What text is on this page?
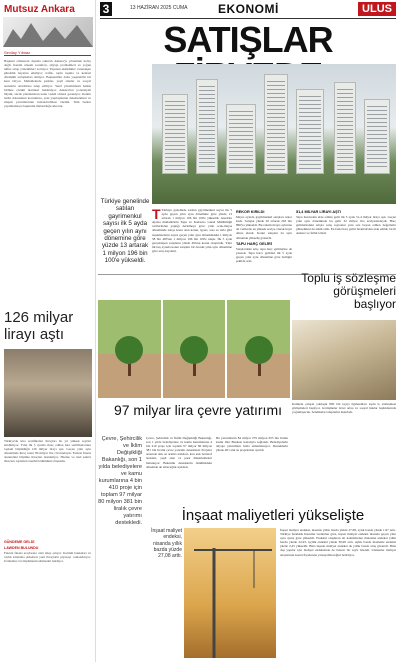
Mutsuz Ankara
Sevilay Yılmaz
Başkent olmasının dışında sıkıntılı Ankara'yı yönetmek kolay değil. Kentin ulaşım sorunları, altyapı problemleri ve yoğun nüfus artışı yönetimleri zorluyor. Yaşanan eksiklikler vatandaşın gündelik hayatını etkiliyor; trafik, toplu taşıma ve kentsel dönüşüm tartışmaları sürüyor. Başkentliler daha yaşanabilir bir kent istiyor. Mahallelerde parklar, yeşil alanlar ve sosyal tesislerin artırılması talep ediliyor. Yerel yönetimlerin halkla birlikte çözüm üretmesi bekleniyor. Ankara'nın potansiyeli büyük, ancak planlamanın uzun vadeli olması gerekiyor. Kentin tarihi dokusunun korunması, yeni yapılaşmanın denetlenmesi ve ulaşım yatırımlarının hızlandırılması önemli. Tüm bunlar yapılmadıkça başkentin mutsuzluğu sürecek.
126 milyar lirayı aştı
Türkiye'de kira sertifikaları ihraçları bu yıl yüksek seyrini sürdürüyor. Yılın ilk 5 ayında ihraç edilen kira sertifikalarının toplam büyüklüğü 126 milyar lirayı aştı. Geçen yılın aynı döneminde ihraç tutarı 80 milyar lira civarındaydı. Faizsiz finans alanındaki büyüme ihraçları destekliyor. Hazine ve özel sektör ihraçları toplamın önemli bölümünü oluşturdu.
GÜNDEME GELDİ
LAWDEN BULUNDU
Faizsiz finans araçlarına olan talep artıyor. Katılım bankaları ve varlık kiralama şirketleri yeni ihraçlarla piyasayı canlandırıyor. Uzmanlar, bu büyümenin sürmesini bekliyor.
3	13 HAZİRAN 2025 CUMA	EKONOMİ	ULUS
SATIŞLAR
Türkiye genelinde satılan gayrimenkul sayısı ilk 5 ayda geçen yılın aynı dönemine göre yüzde 13 artarak 1 milyon 196 bin 100'e yükseldi.
T Türkiye genelinde satılan gayrimenkul sayısı ilk 5 ayda geçen yılın aynı dönemine göre yüzde 13 artarak 1 milyon 196 bin 100'e yükseldi. Anadolu Ajansı muhabirinin Tapu ve Kadastro Genel Müdürlüğü verilerinden yaptığı derlemeye göre, yılın ocak-mayıs döneminde satışa konu olan konut, işyeri, arsa ve tarla gibi taşınmazların sayısı geçen yılın aynı dönemindeki 1 milyon 58 bin 485'ten 1 milyon 196 bin 100'e ulaştı. İlk 5 ayda gerçekleşen satışların yüzde 49'unu konut oluşturdu. Yılın ilk beş ayında konut satışları bir önceki yılın aynı dönemine göre artış kaydetti.
REKOR KIRILDI
Mayıs ayında gayrimenkul satışları rekor kırdı. Satışlar yüzde 20 artarak 263 bin 896'ya yükseldi. Bu rakam mayıs aylarına ait verilerde en yüksek seviye olarak kayıt altına alındı. Konut satışları da aynı dönemde yükseliş gösterdi.
TAPU HARÇ GELİRİ
Satışlardaki artış tapu harç gelirlerine de yansıdı. Tapu harcı gelirleri ilk 5 ayda geçen yılın aynı dönemine göre belirgin şekilde arttı.
51,4 MİLYAR LİRAYI AŞTI
Tapu harcından elde edilen gelir ilk 5 ayda 51,4 milyar lirayı aştı. Geçen yılın aynı döneminde bu gelir 32 milyar lira seviyesindeydi. Harç gelirlerindeki artışta satış sayısının yanı sıra beyan edilen değerlerin yükselmesi de etkili oldu. En fazla harç geliri İstanbul'dan elde edildi, bu ili Ankara ve İzmir izledi.
Toplu iş sözleşme görüşmeleri başlıyor
Kamuda çalışan yaklaşık 800 bin işçiyi ilgilendiren toplu iş sözleşmesi görüşmeleri başlıyor. Görüşmeler ücret artışı ve sosyal haklar başlıklarında yoğunlaşacak. Sendikalar taleplerini hazırladı.
97 milyar lira çevre yatırımı
Çevre, Şehircilik ve İklim Değişikliği Bakanlığı, son 1 yılda belediyelere ve kamu kurumlarına 4 bin 410 proje için toplam 97 milyar 80 milyon 381 bin liralık çevre yatırımı destekledi.
Çevre, Şehircilik ve İklim Değişikliği Bakanlığı, son 1 yılda belediyelere ve kamu kurumlarına 4 bin 410 proje için toplam 97 milyar 80 milyon 381 bin liralık çevre yatırımı destekledi. Projeler arasında atık su arıtma tesisleri, katı atık bertaraf tesisleri, yeşil alan ve park düzenlemeleri bulunuyor. Bakanlık desteklerin önümüzdeki dönemde de süreceğini açıkladı.
Bu yatırımların 84 milyar 279 milyon 655 bin liralık kısmı iller Bankası kanalıyla sağlandı. Belediyelerin altyapı yatırımları hızla tamamlanıyor. Desteklerin yüzde 40'ı atık su projelerine ayrıldı.
İnşaat maliyetleri yükselişte
İnşaat maliyet endeksi, nisanda yıllık bazda yüzde 27,08 arttı.
İnşaat maliyet endeksi, nisanda yıllık bazda yüzde 27,08, aylık bazda yüzde 1,97 arttı. Türkiye İstatistik Kurumu verilerine göre, inşaat maliyet endeksi nisanda geçen yılın aynı ayına göre yükseldi. Endeksi oluşturan alt kalemlerden malzeme endeksi yıllık bazda yüzde 22,93, işçilik endeksi yüzde 36,99 arttı. Aylık bazda malzeme endeksi yüzde 2,45 yükseldi. Bina inşaatı maliyet endeksi de yıllık bazda artış gösterdi. Bina dışı yapılar için maliyet endeksinde de benzer bir seyir izlendi. Uzmanlar maliyet artışlarının konut fiyatlarına yansıyabileceğini belirtiyor.
